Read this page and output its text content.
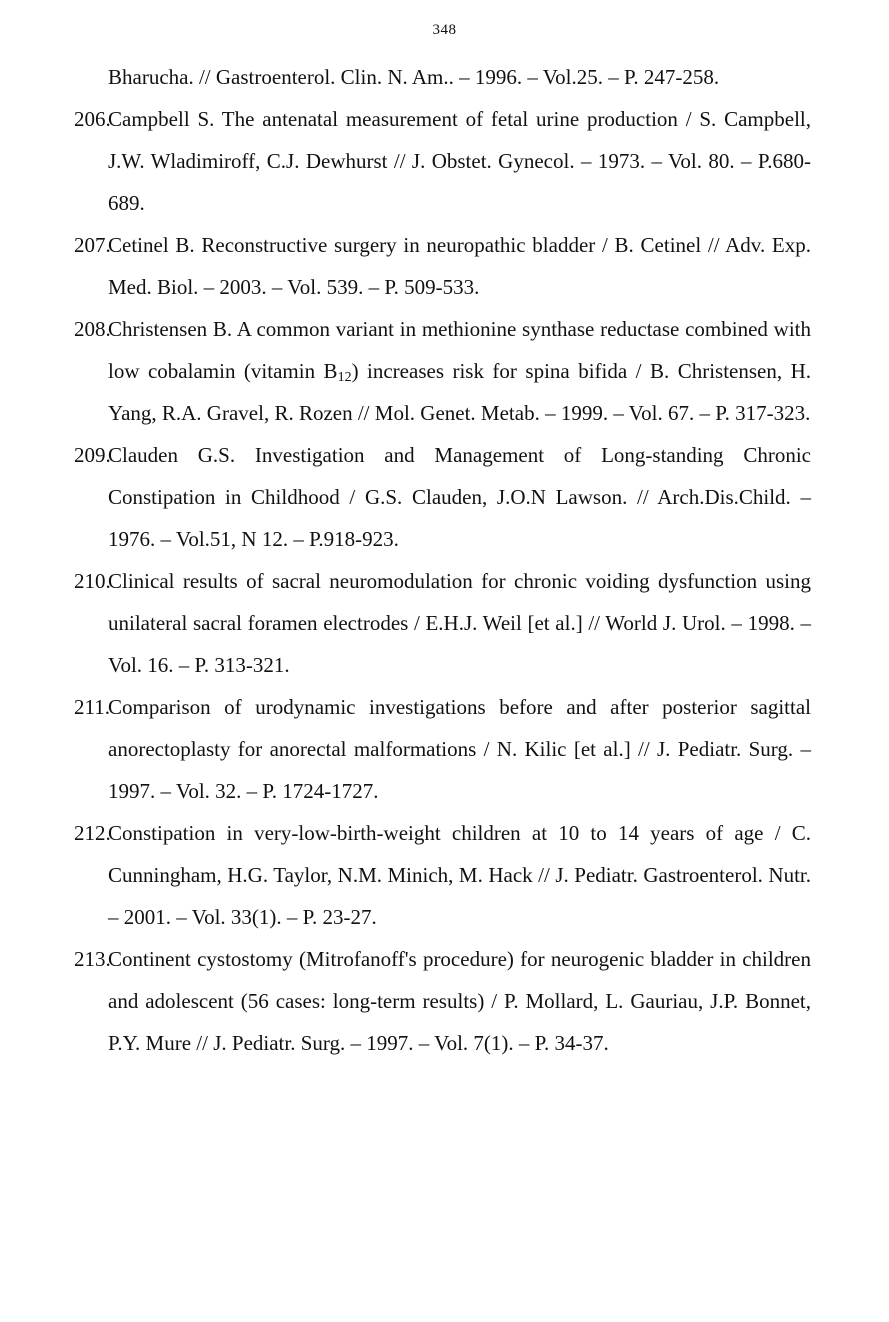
348
Bharucha. // Gastroenterol. Clin. N. Am.. – 1996. – Vol.25. – P. 247-258.
206.
Campbell S. The antenatal measurement of fetal urine production / S. Campbell, J.W. Wladimiroff, C.J. Dewhurst // J. Obstet. Gynecol. – 1973. – Vol. 80. – P.680-689.
207.
Cetinel B. Reconstructive surgery in neuropathic bladder / B. Cetinel // Adv. Exp. Med. Biol. – 2003. – Vol. 539. – P. 509-533.
208.
Christensen B. A common variant in methionine synthase reductase combined with low cobalamin (vitamin $B_{12}$) increases risk for spina bifida / B. Christensen, H. Yang, R.A. Gravel, R. Rozen // Mol. Genet. Metab. – 1999. – Vol. 67. – P. 317-323.
209.
Clauden G.S. Investigation and Management of Long-standing Chronic Constipation in Childhood / G.S. Clauden, J.O.N Lawson. // Arch.Dis.Child. – 1976. – Vol.51, N 12. – P.918-923.
210.
Clinical results of sacral neuromodulation for chronic voiding dysfunction using unilateral sacral foramen electrodes / E.H.J. Weil [et al.] // World J. Urol. – 1998. – Vol. 16. – P. 313-321.
211.
Comparison of urodynamic investigations before and after posterior sagittal anorectoplasty for anorectal malformations / N. Kilic [et al.] // J. Pediatr. Surg. – 1997. – Vol. 32. – P. 1724-1727.
212.
Constipation in very-low-birth-weight children at 10 to 14 years of age / C. Cunningham, H.G. Taylor, N.M. Minich, M. Hack // J. Pediatr. Gastroenterol. Nutr. – 2001. – Vol. 33(1). – P. 23-27.
213.
Continent cystostomy (Mitrofanoff's procedure) for neurogenic bladder in children and adolescent (56 cases: long-term results) / P. Mollard, L. Gauriau, J.P. Bonnet, P.Y. Mure // J. Pediatr. Surg. – 1997. – Vol. 7(1). – P. 34-37.
